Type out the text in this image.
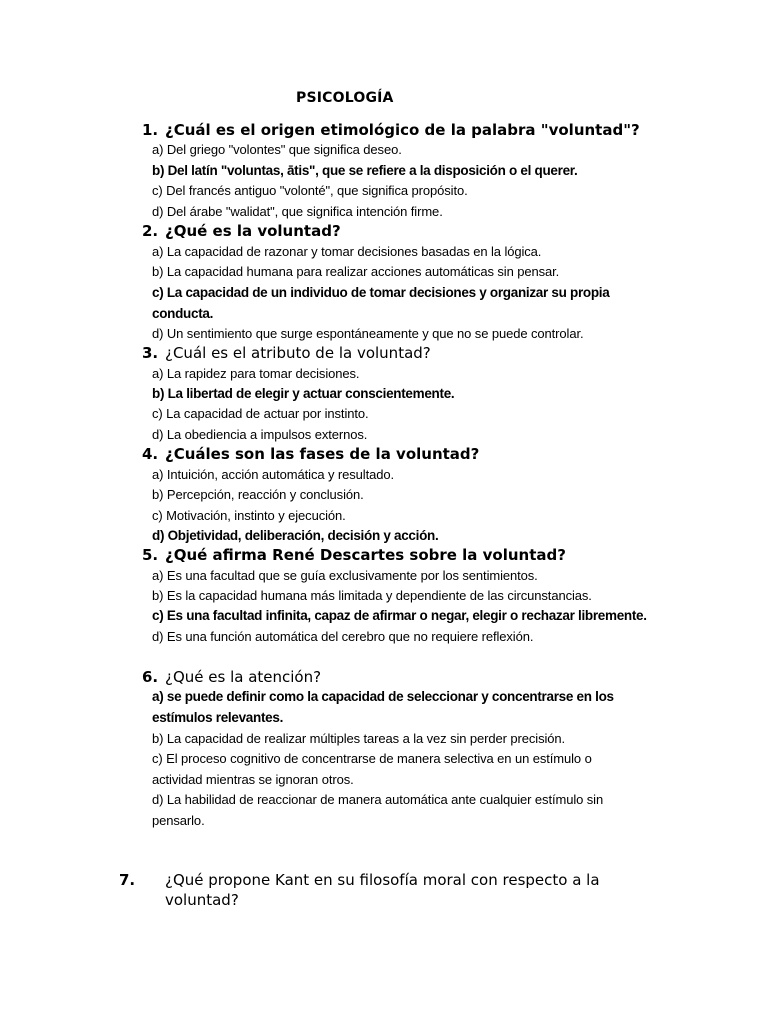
PSICOLOGÍA
1. ¿Cuál es el origen etimológico de la palabra "voluntad"?
a) Del griego "volontes" que significa deseo.
b) Del latín "voluntas, ātis", que se refiere a la disposición o el querer.
c) Del francés antiguo "volonté", que significa propósito.
d) Del árabe "walidat", que significa intención firme.
2. ¿Qué es la voluntad?
a) La capacidad de razonar y tomar decisiones basadas en la lógica.
b) La capacidad humana para realizar acciones automáticas sin pensar.
c) La capacidad de un individuo de tomar decisiones y organizar su propia conducta.
d) Un sentimiento que surge espontáneamente y que no se puede controlar.
3. ¿Cuál es el atributo de la voluntad?
a) La rapidez para tomar decisiones.
b) La libertad de elegir y actuar conscientemente.
c) La capacidad de actuar por instinto.
d) La obediencia a impulsos externos.
4. ¿Cuáles son las fases de la voluntad?
a) Intuición, acción automática y resultado.
b) Percepción, reacción y conclusión.
c) Motivación, instinto y ejecución.
d) Objetividad, deliberación, decisión y acción.
5. ¿Qué afirma René Descartes sobre la voluntad?
a) Es una facultad que se guía exclusivamente por los sentimientos.
b) Es la capacidad humana más limitada y dependiente de las circunstancias.
c) Es una facultad infinita, capaz de afirmar o negar, elegir o rechazar libremente.
d) Es una función automática del cerebro que no requiere reflexión.
6. ¿Qué es la atención?
a) se puede definir como la capacidad de seleccionar y concentrarse en los estímulos relevantes.
b) La capacidad de realizar múltiples tareas a la vez sin perder precisión.
c) El proceso cognitivo de concentrarse de manera selectiva en un estímulo o actividad mientras se ignoran otros.
d) La habilidad de reaccionar de manera automática ante cualquier estímulo sin pensarlo.
7. ¿Qué propone Kant en su filosofía moral con respecto a la voluntad?
